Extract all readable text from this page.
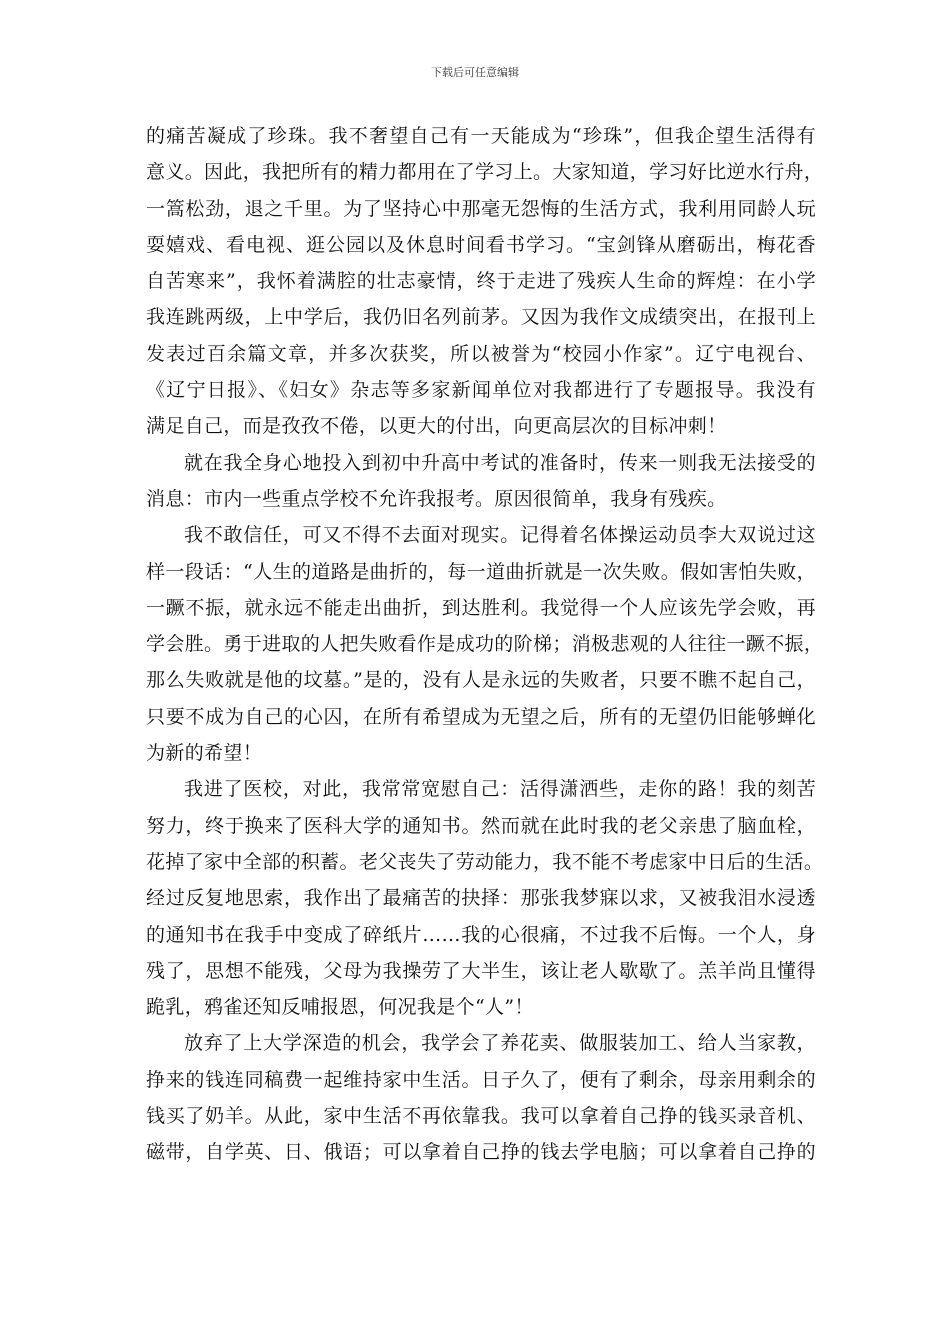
下载后可任意编辑
的痛苦凝成了珍珠。我不奢望自己有一天能成为“珍珠”，但我企望生活得有
意义。因此，我把所有的精力都用在了学习上。大家知道，学习好比逆水行舟，
一篙松劲，退之千里。为了坚持心中那毫无怨悔的生活方式，我利用同龄人玩
耍嬉戏、看电视、逛公园以及休息时间看书学习。“宝剑锋从磨砺出，梅花香
自苦寒来”，我怀着满腔的壮志豪情，终于走进了残疾人生命的辉煌：在小学
我连跳两级，上中学后，我仍旧名列前茅。又因为我作文成绩突出，在报刊上
发表过百余篇文章，并多次获奖，所以被誉为“校园小作家”。辽宁电视台、
《辽宁日报》、《妇女》杂志等多家新闻单位对我都进行了专题报导。我没有
满足自己，而是孜孜不倦，以更大的付出，向更高层次的目标冲刺！
就在我全身心地投入到初中升高中考试的准备时，传来一则我无法接受的
消息：市内一些重点学校不允许我报考。原因很简单，我身有残疾。
我不敢信任，可又不得不去面对现实。记得着名体操运动员李大双说过这
样一段话：“人生的道路是曲折的，每一道曲折就是一次失败。假如害怕失败，
一蹶不振，就永远不能走出曲折，到达胜利。我觉得一个人应该先学会败，再
学会胜。勇于进取的人把失败看作是成功的阶梯；消极悲观的人往往一蹶不振，
那么失败就是他的坟墓。”是的，没有人是永远的失败者，只要不瞧不起自己，
只要不成为自己的心囚，在所有希望成为无望之后，所有的无望仍旧能够蝉化
为新的希望！
我进了医校，对此，我常常宽慰自己：活得潇洒些，走你的路！我的刻苦
努力，终于换来了医科大学的通知书。然而就在此时我的老父亲患了脑血栓，
花掉了家中全部的积蓄。老父丧失了劳动能力，我不能不考虑家中日后的生活。
经过反复地思索，我作出了最痛苦的抉择：那张我梦寐以求，又被我泪水浸透
的通知书在我手中变成了碎纸片……我的心很痛，不过我不后悔。一个人，身
残了，思想不能残，父母为我操劳了大半生，该让老人歇歇了。羔羊尚且懂得
跪乳，鸦雀还知反哺报恩，何况我是个“人”！
放弃了上大学深造的机会，我学会了养花卖、做服装加工、给人当家教，
挣来的钱连同稿费一起维持家中生活。日子久了，便有了剩余，母亲用剩余的
钱买了奶羊。从此，家中生活不再依靠我。我可以拿着自己挣的钱买录音机、
磁带，自学英、日、俄语；可以拿着自己挣的钱去学电脑；可以拿着自己挣的
